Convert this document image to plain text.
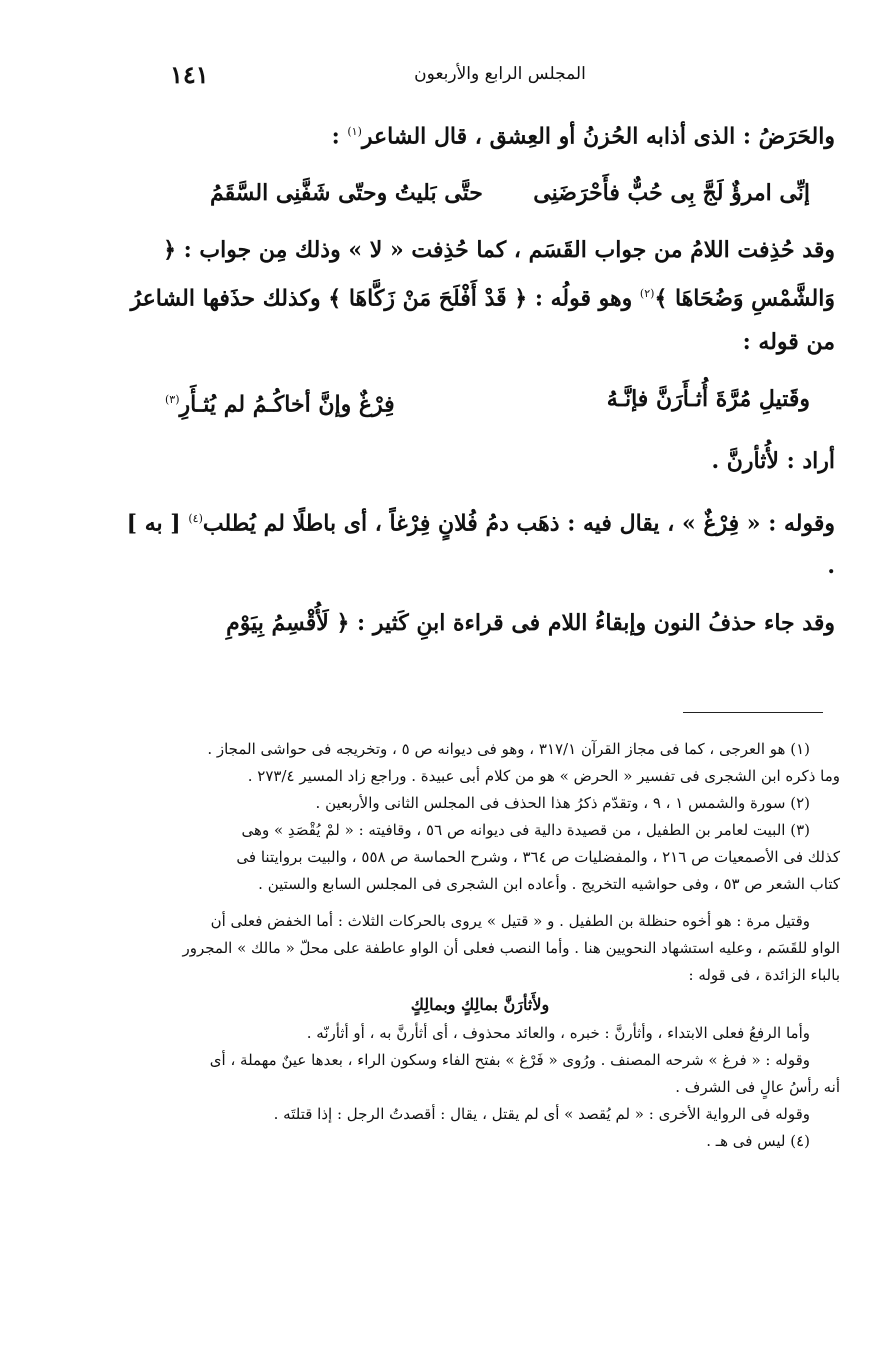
١٤١	المجلس الرابع والأربعون

والحَرَضُ : الذى أذابه الحُزنُ أو العِشق ، قال الشاعر$^{(١)}$ :

إنِّى امرؤٌ لَجَّ بِى حُبٌّ فأَحْرَضَنِى
حتَّى بَليتُ وحتّى شَفَّنِى السَّقَمُ

وقد حُذِفت اللامُ من جواب القَسَم ، كما حُذِفت « لا » وذلك مِن جواب : ﴿ وَالشَّمْسِ وَضُحَاهَا ﴾$^{(٢)}$ وهو قولُه : ﴿ قَدْ أَفْلَحَ مَنْ زَكَّاهَا ﴾ وكذلك حذَفها الشاعرُ من قوله :

وقَتيلِ مُرَّةَ أُثـأَرَنَّ فإنَّـهُ
فِرْغٌ وإنَّ أخاكُـمُ لم يُثـأَرِ$^{(٣)}$

أراد : لأُثأرنَّ .

وقوله : « فِرْغٌ » ، يقال فيه : ذهَب دمُ فُلانٍ فِرْغاً ، أى باطلًا لم يُطلب$^{(٤)}$ [ به ] .

وقد جاء حذفُ النون وإبقاءُ اللام فى قراءة ابنِ كَثير : ﴿ لَأُقْسِمُ بِيَوْمِ

(١) هو العرجى ، كما فى مجاز القرآن ٣١٧/١ ، وهو فى ديوانه ص ٥ ، وتخريجه فى حواشى المجاز .

وما ذكره ابن الشجرى فى تفسير « الحرض » هو من كلام أبى عبيدة . وراجع زاد المسير ٢٧٣/٤ .

(٢) سورة والشمس ١ ، ٩ ، وتقدّم ذكرُ هذا الحذف فى المجلس الثانى والأربعين .

(٣) البيت لعامر بن الطفيل ، من قصيدة دالية فى ديوانه ص ٥٦ ، وقافيته : « لمْ يُقْصَدِ » وهى

كذلك فى الأصمعيات ص ٢١٦ ، والمفضليات ص ٣٦٤ ، وشرح الحماسة ص ٥٥٨ ، والبيت بروايتنا فى

كتاب الشعر ص ٥٣ ، وفى حواشيه التخريج . وأعاده ابن الشجرى فى المجلس السابع والستين .

وقتيل مرة : هو أخوه حنظلة بن الطفيل . و « قتيل » يروى بالحركات الثلاث : أما الخفض فعلى أن

الواو للقَسَم ، وعليه استشهاد النحويين هنا . وأما النصب فعلى أن الواو عاطفة على محلّ « مالك » المجرور

بالباء الزائدة ، فى قوله :

ولأَثأرَنَّ بمالِكٍ وبمالِكٍ

وأما الرفعُ فعلى الابتداء ، وأثأرنَّ : خبره ، والعائد محذوف ، أى أثأرنَّ به ، أو أثأرنّه .

وقوله : « فرغ » شرحه المصنف . ورُوى « فَرْغ » بفتح الفاء وسكون الراء ، بعدها عينٌ مهملة ، أى

أنه رأسُ عالٍ فى الشرف .

وقوله فى الرواية الأخرى : « لم يُقصد » أى لم يقتل ، يقال : أقصدتُ الرجل : إذا قتلتَه .

(٤) ليس فى هـ .
